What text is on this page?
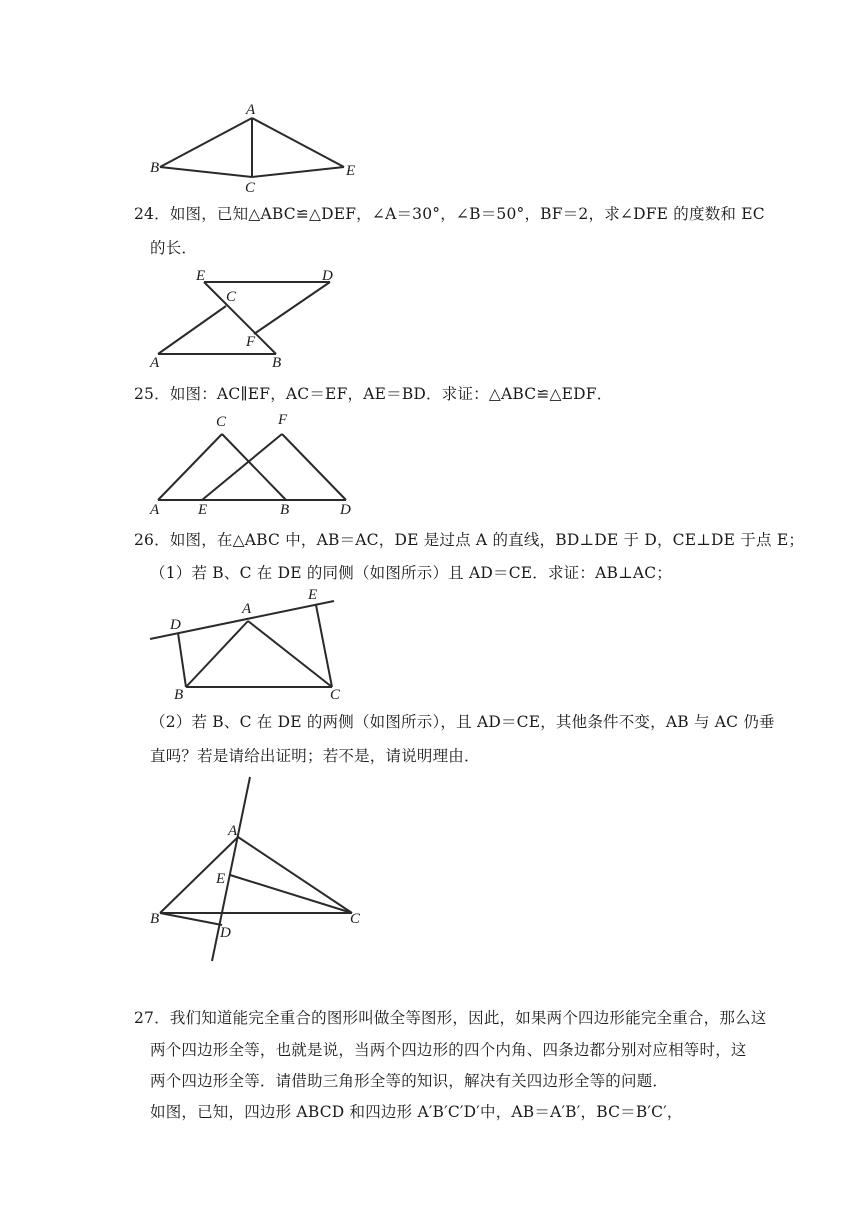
A
B
C
E
24．如图，已知△ABC≌△DEF，∠A＝30°，∠B＝50°，BF＝2，求∠DFE 的度数和 EC
的长．
E	D
C
F
A	B
25．如图：AC∥EF，AC＝EF，AE＝BD．求证：△ABC≌△EDF．
C	F
A	E	B	D
26．如图，在△ABC 中，AB＝AC，DE 是过点 A 的直线，BD⊥DE 于 D，CE⊥DE 于点 E；
（1）若 B、C 在 DE 的同侧（如图所示）且 AD＝CE．求证：AB⊥AC；
D
A
E
B	C
（2）若 B、C 在 DE 的两侧（如图所示），且 AD＝CE，其他条件不变，AB 与 AC 仍垂
直吗？若是请给出证明；若不是，请说明理由．
A
E
B	C
D
27．我们知道能完全重合的图形叫做全等图形，因此，如果两个四边形能完全重合，那么这
两个四边形全等，也就是说，当两个四边形的四个内角、四条边都分别对应相等时，这
两个四边形全等．请借助三角形全等的知识，解决有关四边形全等的问题．
如图，已知，四边形 ABCD 和四边形 A′B′C′D′中，AB＝A′B′，BC＝B′C′，
